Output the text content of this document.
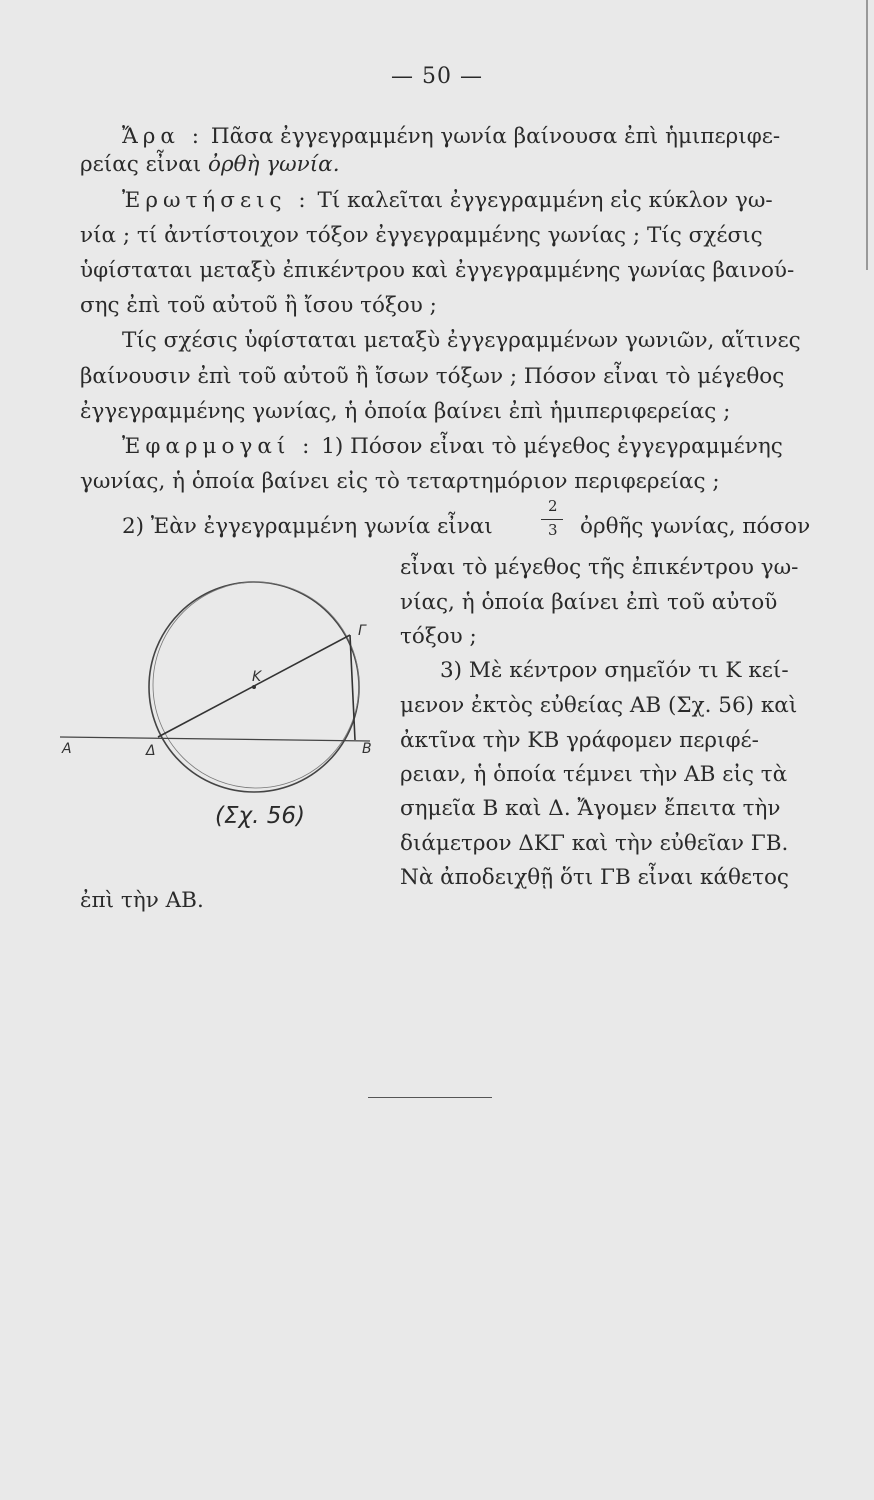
— 50 —
Ἄρα : Πᾶσα ἐγγεγραμμένη γωνία βαίνουσα ἐπὶ ἡμιπεριφε-
ρείας εἶναι ὀρθὴ γωνία.
Ἐρωτήσεις : Τί καλεῖται ἐγγεγραμμένη εἰς κύκλον γω-
νία ; τί ἀντίστοιχον τόξον ἐγγεγραμμένης γωνίας ; Τίς σχέσις
ὑφίσταται μεταξὺ ἐπικέντρου καὶ ἐγγεγραμμένης γωνίας βαινού-
σης ἐπὶ τοῦ αὐτοῦ ἢ ἴσου τόξου ;
Τίς σχέσις ὑφίσταται μεταξὺ ἐγγεγραμμένων γωνιῶν, αἵτινες
βαίνουσιν ἐπὶ τοῦ αὐτοῦ ἢ ἴσων τόξων ; Πόσον εἶναι τὸ μέγεθος
ἐγγεγραμμένης γωνίας, ἡ ὁποία βαίνει ἐπὶ ἡμιπεριφερείας ;
Ἐφαρμογαί : 1) Πόσον εἶναι τὸ μέγεθος ἐγγεγραμμένης
γωνίας, ἡ ὁποία βαίνει εἰς τὸ τεταρτημόριον περιφερείας ;
2) Ἐὰν ἐγγεγραμμένη γωνία εἶναι
2
3 ὀρθῆς γωνίας, πόσον
εἶναι τὸ μέγεθος τῆς ἐπικέντρου γω-
νίας, ἡ ὁποία βαίνει ἐπὶ τοῦ αὐτοῦ
τόξου ;
3) Μὲ κέντρον σημεῖόν τι Κ κεί-
μενον ἐκτὸς εὐθείας ΑΒ (Σχ. 56) καὶ
ἀκτῖνα τὴν ΚΒ γράφομεν περιφέ-
ρειαν, ἡ ὁποία τέμνει τὴν ΑΒ εἰς τὰ
σημεῖα Β καὶ Δ. Ἄγομεν ἔπειτα τὴν
διάμετρον ΔΚΓ καὶ τὴν εὐθεῖαν ΓΒ.
Νὰ ἀποδειχθῇ ὅτι ΓΒ εἶναι κάθετος
ἐπὶ τὴν ΑΒ.
Κ
Γ
Β
Δ
Α
(Σχ. 56)
